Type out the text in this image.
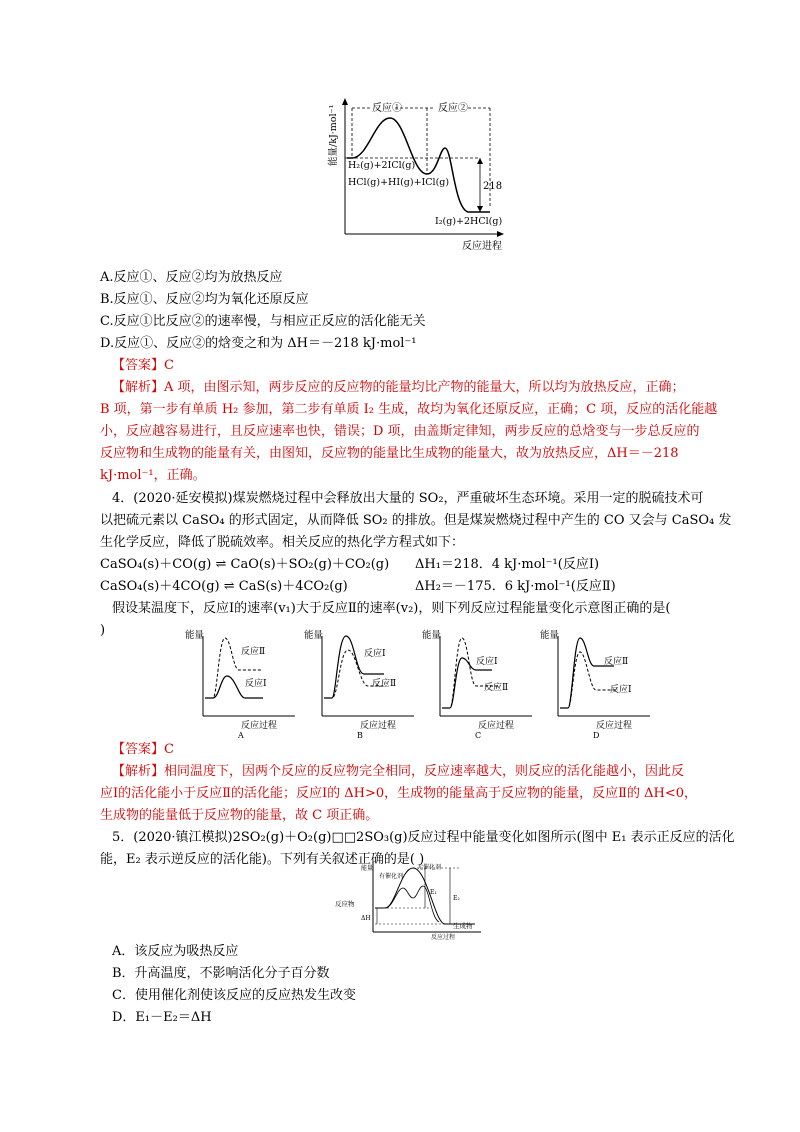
反应①	反应②
218
H₂(g)+2ICl(g)
HCl(g)+HI(g)+ICl(g)
I₂(g)+2HCl(g)
反应进程
能量/kJ·mol⁻¹
A.反应①、反应②均为放热反应
B.反应①、反应②均为氧化还原反应
C.反应①比反应②的速率慢，与相应正反应的活化能无关
D.反应①、反应②的焓变之和为 ΔH＝－218 kJ·mol⁻¹
【答案】C
【解析】A 项，由图示知，两步反应的反应物的能量均比产物的能量大，所以均为放热反应，正确；
B 项，第一步有单质 H₂ 参加，第二步有单质 I₂ 生成，故均为氧化还原反应，正确；C 项，反应的活化能越
小，反应越容易进行，且反应速率也快，错误；D 项，由盖斯定律知，两步反应的总焓变与一步总反应的
反应物和生成物的能量有关，由图知，反应物的能量比生成物的能量大，故为放热反应，ΔH＝－218
kJ·mol⁻¹，正确。
4．(2020·延安模拟)煤炭燃烧过程中会释放出大量的 SO₂，严重破坏生态环境。采用一定的脱硫技术可
以把硫元素以 CaSO₄ 的形式固定，从而降低 SO₂ 的排放。但是煤炭燃烧过程中产生的 CO 又会与 CaSO₄ 发
生化学反应，降低了脱硫效率。相关反应的热化学方程式如下：
CaSO₄(s)＋CO(g) ⇌ CaO(s)＋SO₂(g)＋CO₂(g) ΔH₁＝218．4 kJ·mol⁻¹(反应Ⅰ)
CaSO₄(s)＋4CO(g) ⇌ CaS(s)＋4CO₂(g)	ΔH₂＝－175．6 kJ·mol⁻¹(反应Ⅱ)
假设某温度下，反应Ⅰ的速率(v₁)大于反应Ⅱ的速率(v₂)，则下列反应过程能量变化示意图正确的是(
)	能量
反应过程
A
反应Ⅱ
反应Ⅰ
能量
反应过程
B
反应Ⅰ
反应Ⅱ
能量
反应过程
C
反应Ⅰ
反应Ⅱ
能量
反应过程
D
反应Ⅱ
反应Ⅰ
【答案】C
【解析】相同温度下，因两个反应的反应物完全相同，反应速率越大，则反应的活化能越小，因此反
应Ⅰ的活化能小于反应Ⅱ的活化能；反应Ⅰ的 ΔH>0，生成物的能量高于反应物的能量，反应Ⅱ的 ΔH<0，
生成物的能量低于反应物的能量，故 C 项正确。
5．(2020·镇江模拟)2SO₂(g)＋O₂(g)□□2SO₃(g)反应过程中能量变化如图所示(图中 E₁ 表示正反应的活化
能，E₂ 表示逆反应的活化能)。下列有关叙述正确的是( )
能量
有催化剂
无催化剂
反应物
ΔH
生成物
反应过程
E₁
E₂
A．该反应为吸热反应
B．升高温度，不影响活化分子百分数
C．使用催化剂使该反应的反应热发生改变
D．E₁－E₂＝ΔH
